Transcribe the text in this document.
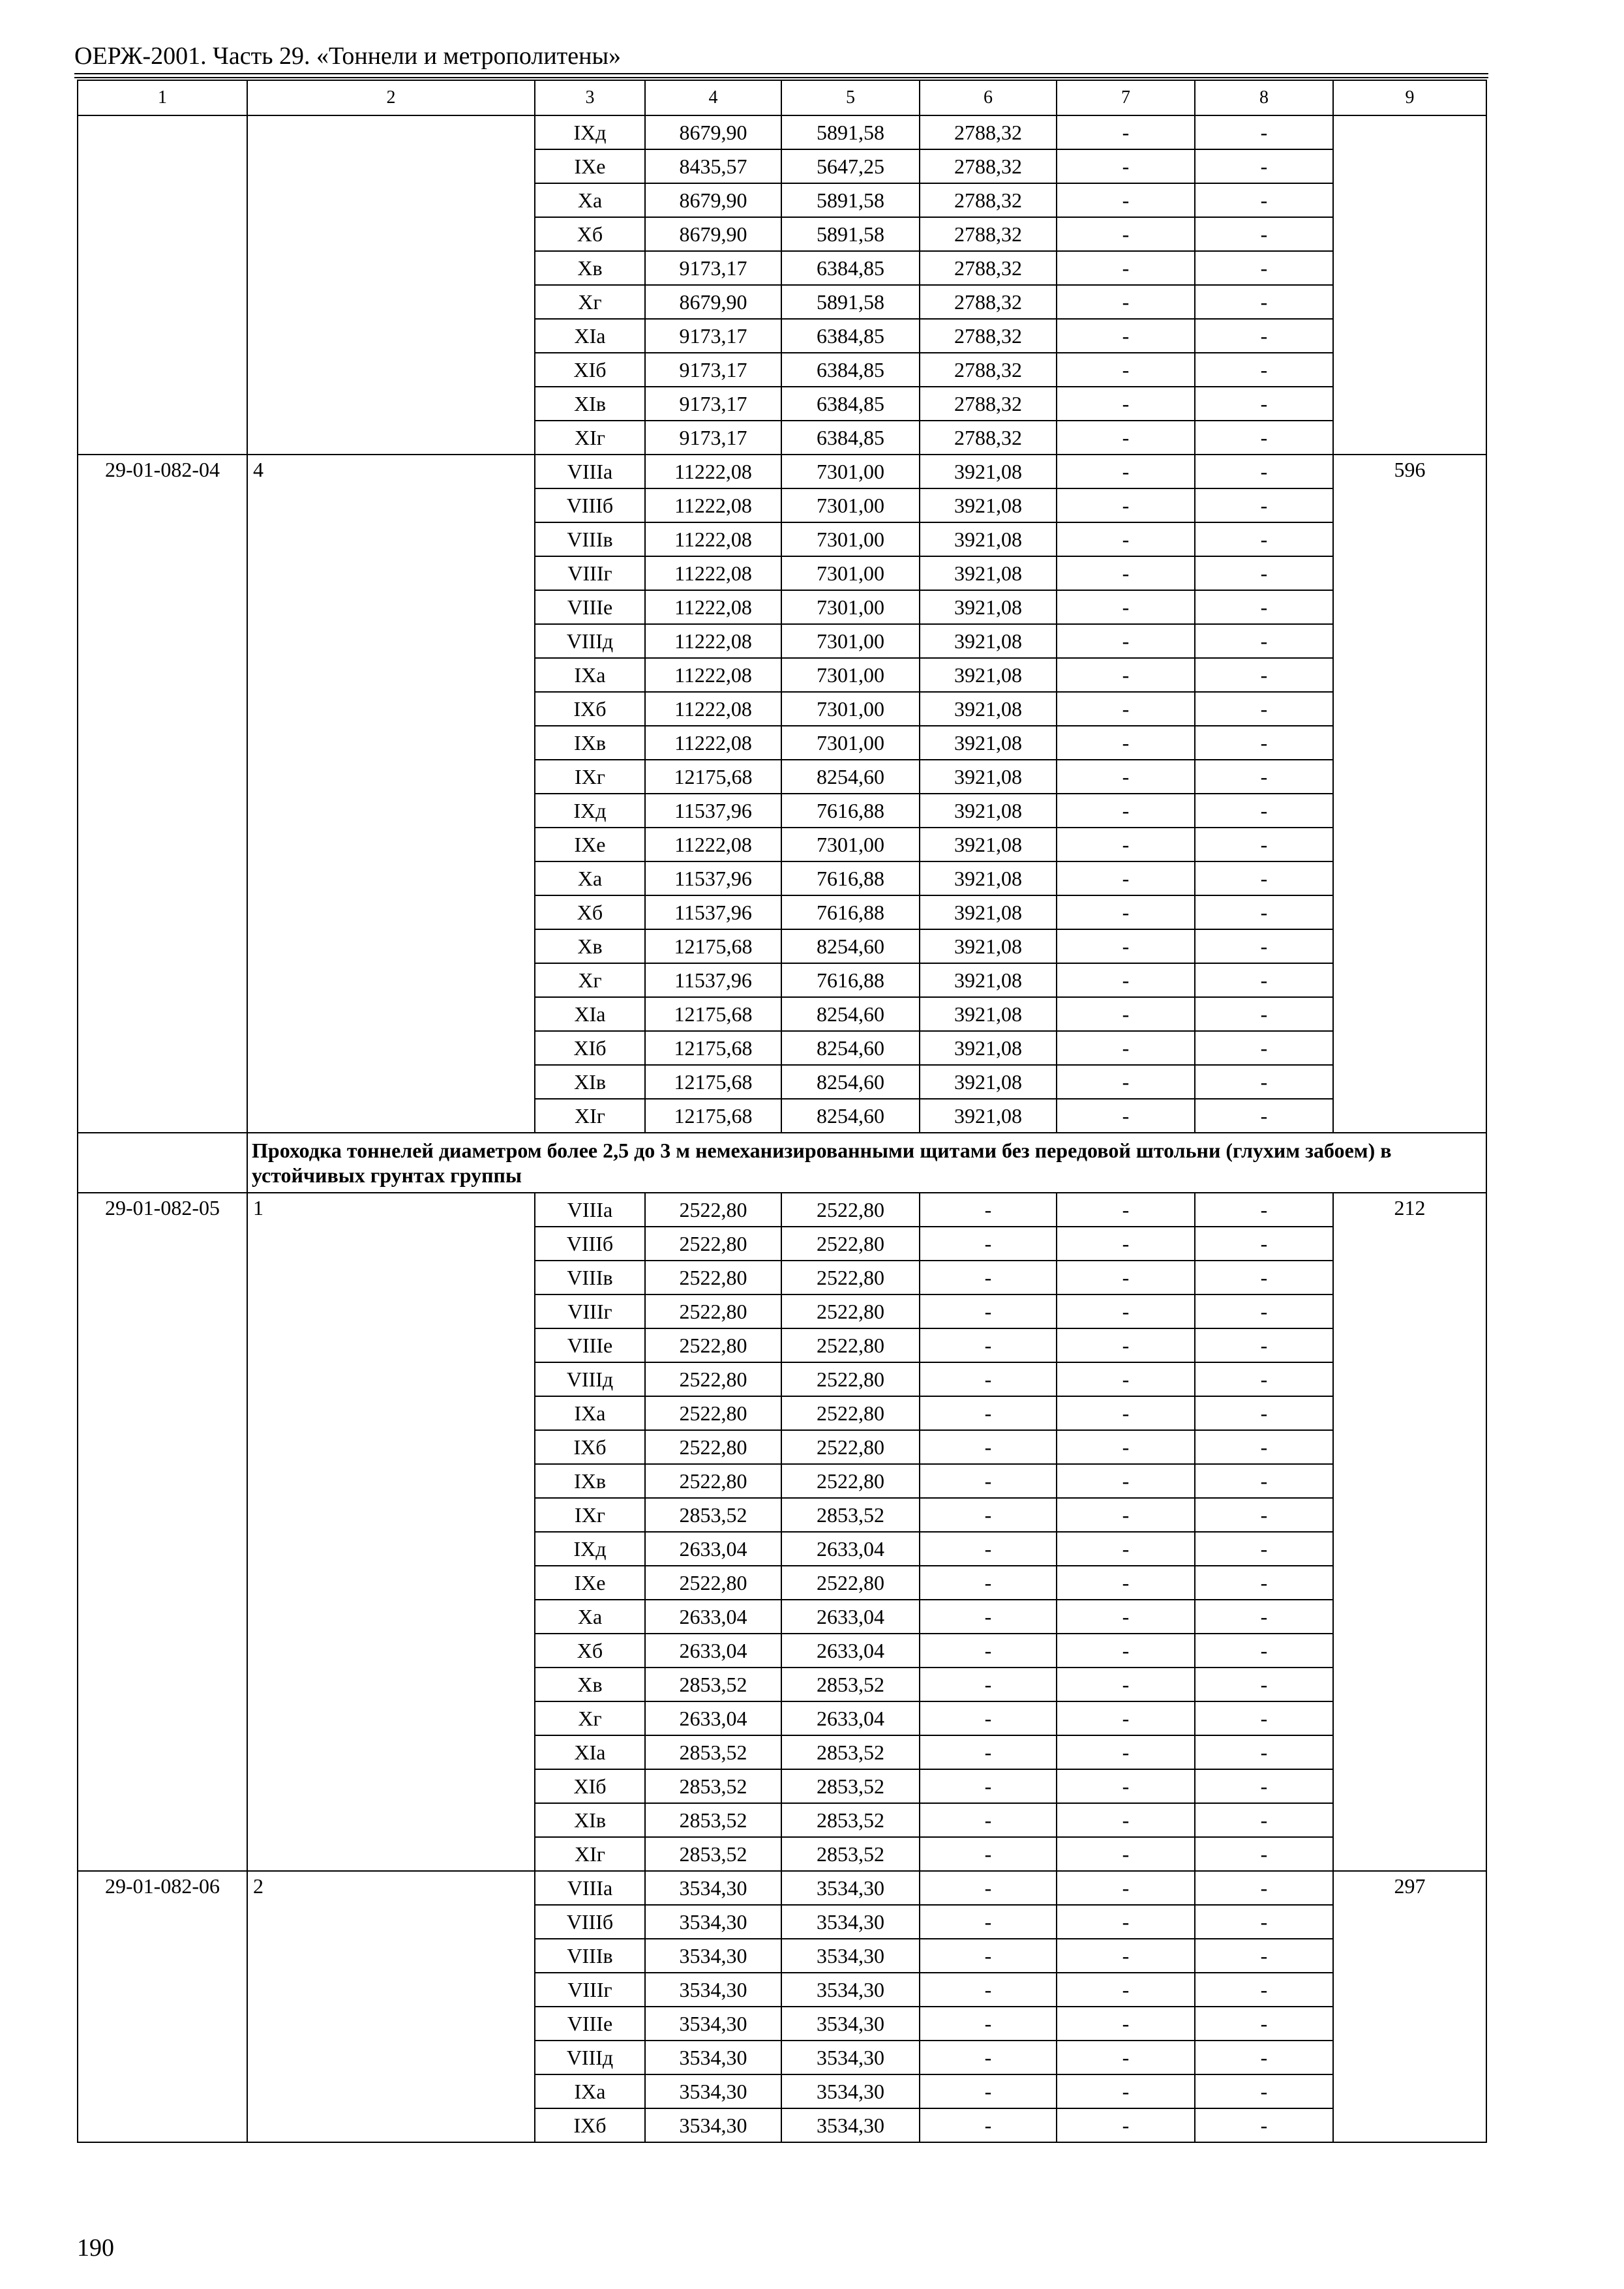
ОЕРЖ-2001. Часть 29. «Тоннели и метрополитены»
1	2	3	4	5	6	7	8	9
		IXд	8679,90	5891,58	2788,32	-	-	
		IXе	8435,57	5647,25	2788,32	-	-	
		Xа	8679,90	5891,58	2788,32	-	-	
		Xб	8679,90	5891,58	2788,32	-	-	
		Xв	9173,17	6384,85	2788,32	-	-	
		Xг	8679,90	5891,58	2788,32	-	-	
		XIа	9173,17	6384,85	2788,32	-	-	
		XIб	9173,17	6384,85	2788,32	-	-	
		XIв	9173,17	6384,85	2788,32	-	-	
		XIг	9173,17	6384,85	2788,32	-	-	
29-01-082-04	4	VIIIа	11222,08	7301,00	3921,08	-	-	596
		VIIIб	11222,08	7301,00	3921,08	-	-	
		VIIIв	11222,08	7301,00	3921,08	-	-	
		VIIIг	11222,08	7301,00	3921,08	-	-	
		VIIIе	11222,08	7301,00	3921,08	-	-	
		VIIIд	11222,08	7301,00	3921,08	-	-	
		IXа	11222,08	7301,00	3921,08	-	-	
		IXб	11222,08	7301,00	3921,08	-	-	
		IXв	11222,08	7301,00	3921,08	-	-	
		IXг	12175,68	8254,60	3921,08	-	-	
		IXд	11537,96	7616,88	3921,08	-	-	
		IXе	11222,08	7301,00	3921,08	-	-	
		Xа	11537,96	7616,88	3921,08	-	-	
		Xб	11537,96	7616,88	3921,08	-	-	
		Xв	12175,68	8254,60	3921,08	-	-	
		Xг	11537,96	7616,88	3921,08	-	-	
		XIа	12175,68	8254,60	3921,08	-	-	
		XIб	12175,68	8254,60	3921,08	-	-	
		XIв	12175,68	8254,60	3921,08	-	-	
		XIг	12175,68	8254,60	3921,08	-	-	
	Проходка тоннелей диаметром более 2,5 до 3 м немеханизированными щитами без передовой штольни (глухим забоем) в устойчивых грунтах группы							
29-01-082-05	1	VIIIа	2522,80	2522,80	-	-	-	212
		VIIIб	2522,80	2522,80	-	-	-	
		VIIIв	2522,80	2522,80	-	-	-	
		VIIIг	2522,80	2522,80	-	-	-	
		VIIIе	2522,80	2522,80	-	-	-	
		VIIIд	2522,80	2522,80	-	-	-	
		IXа	2522,80	2522,80	-	-	-	
		IXб	2522,80	2522,80	-	-	-	
		IXв	2522,80	2522,80	-	-	-	
		IXг	2853,52	2853,52	-	-	-	
		IXд	2633,04	2633,04	-	-	-	
		IXе	2522,80	2522,80	-	-	-	
		Xа	2633,04	2633,04	-	-	-	
		Xб	2633,04	2633,04	-	-	-	
		Xв	2853,52	2853,52	-	-	-	
		Xг	2633,04	2633,04	-	-	-	
		XIа	2853,52	2853,52	-	-	-	
		XIб	2853,52	2853,52	-	-	-	
		XIв	2853,52	2853,52	-	-	-	
		XIг	2853,52	2853,52	-	-	-	
29-01-082-06	2	VIIIа	3534,30	3534,30	-	-	-	297
		VIIIб	3534,30	3534,30	-	-	-	
		VIIIв	3534,30	3534,30	-	-	-	
		VIIIг	3534,30	3534,30	-	-	-	
		VIIIе	3534,30	3534,30	-	-	-	
		VIIIд	3534,30	3534,30	-	-	-	
		IXа	3534,30	3534,30	-	-	-	
		IXб	3534,30	3534,30	-	-	-	
190
